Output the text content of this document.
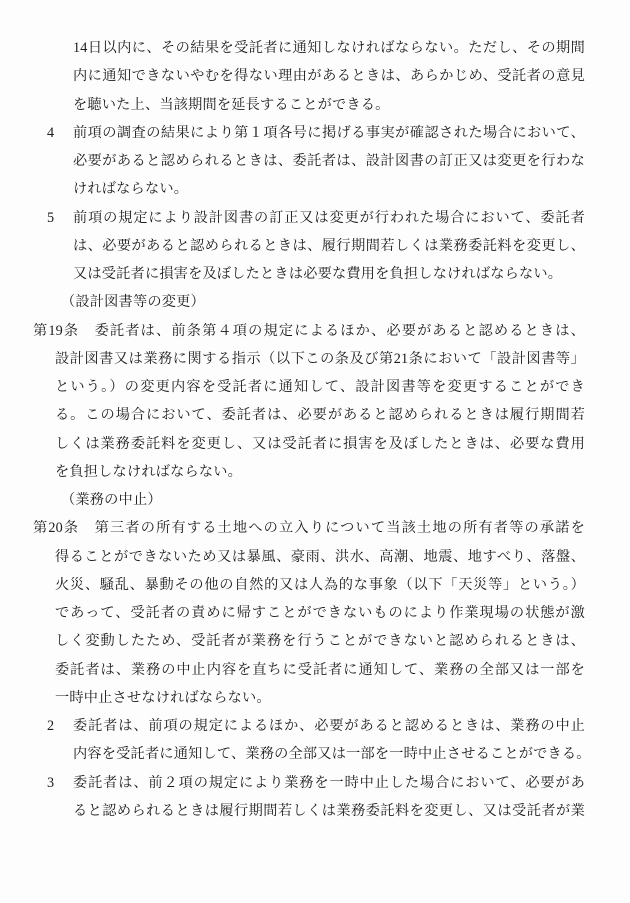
14日以内に、その結果を受託者に通知しなければならない。ただし、その期間
内に通知できないやむを得ない理由があるときは、あらかじめ、受託者の意見
を聴いた上、当該期間を延長することができる。
4 前項の調査の結果により第１項各号に掲げる事実が確認された場合において、
必要があると認められるときは、委託者は、設計図書の訂正又は変更を行わな
ければならない。
5 前項の規定により設計図書の訂正又は変更が行われた場合において、委託者
は、必要があると認められるときは、履行期間若しくは業務委託料を変更し、
又は受託者に損害を及ぼしたときは必要な費用を負担しなければならない。
（設計図書等の変更）
第19条　委託者は、前条第４項の規定によるほか、必要があると認めるときは、
設計図書又は業務に関する指示（以下この条及び第21条において「設計図書等」
という。）の変更内容を受託者に通知して、設計図書等を変更することができ
る。この場合において、委託者は、必要があると認められるときは履行期間若
しくは業務委託料を変更し、又は受託者に損害を及ぼしたときは、必要な費用
を負担しなければならない。
（業務の中止）
第20条　第三者の所有する土地への立入りについて当該土地の所有者等の承諾を
得ることができないため又は暴風、豪雨、洪水、高潮、地震、地すべり、落盤、
火災、騒乱、暴動その他の自然的又は人為的な事象（以下「天災等」という。）
であって、受託者の責めに帰すことができないものにより作業現場の状態が激
しく変動したため、受託者が業務を行うことができないと認められるときは、
委託者は、業務の中止内容を直ちに受託者に通知して、業務の全部又は一部を
一時中止させなければならない。
2 委託者は、前項の規定によるほか、必要があると認めるときは、業務の中止
内容を受託者に通知して、業務の全部又は一部を一時中止させることができる。
3 委託者は、前２項の規定により業務を一時中止した場合において、必要があ
ると認められるときは履行期間若しくは業務委託料を変更し、又は受託者が業
